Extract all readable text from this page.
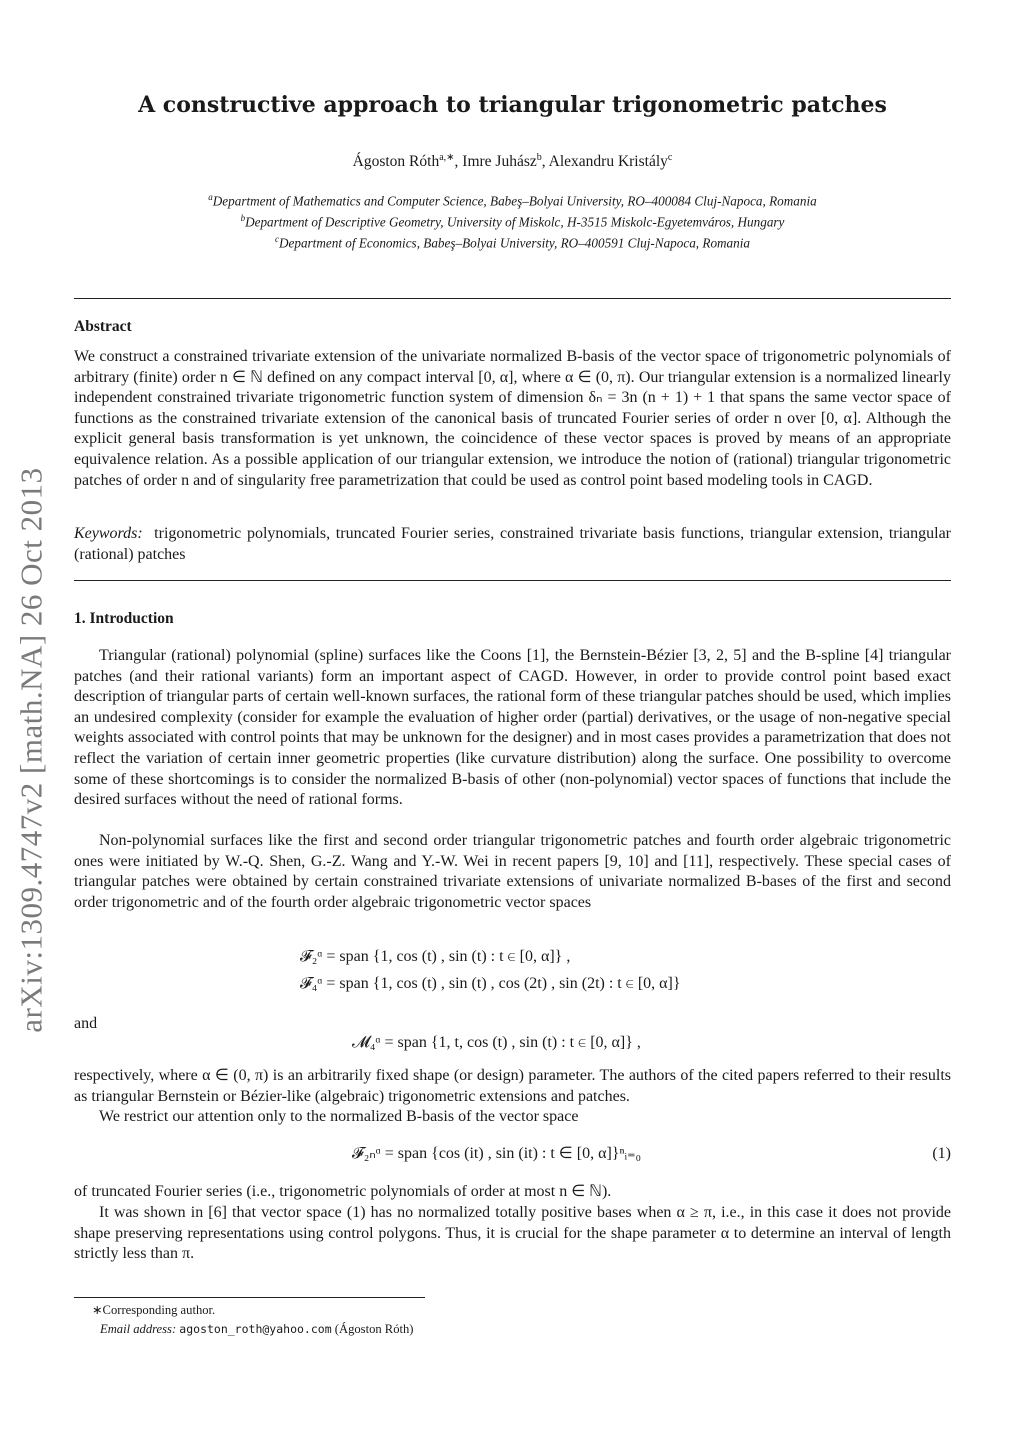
arXiv:1309.4747v2 [math.NA] 26 Oct 2013
A constructive approach to triangular trigonometric patches
Ágoston Róth$^{a,∗}$, Imre Juhász$^b$, Alexandru Kristály$^c$
$^a$Department of Mathematics and Computer Science, Babeş–Bolyai University, RO–400084 Cluj-Napoca, Romania
$^b$Department of Descriptive Geometry, University of Miskolc, H-3515 Miskolc-Egyetemváros, Hungary
$^c$Department of Economics, Babeş–Bolyai University, RO–400591 Cluj-Napoca, Romania
Abstract
We construct a constrained trivariate extension of the univariate normalized B-basis of the vector space of trigonometric polynomials of arbitrary (finite) order n ∈ ℕ defined on any compact interval [0, α], where α ∈ (0, π). Our triangular extension is a normalized linearly independent constrained trivariate trigonometric function system of dimension δₙ = 3n (n + 1) + 1 that spans the same vector space of functions as the constrained trivariate extension of the canonical basis of truncated Fourier series of order n over [0, α]. Although the explicit general basis transformation is yet unknown, the coincidence of these vector spaces is proved by means of an appropriate equivalence relation. As a possible application of our triangular extension, we introduce the notion of (rational) triangular trigonometric patches of order n and of singularity free parametrization that could be used as control point based modeling tools in CAGD.
Keywords: trigonometric polynomials, truncated Fourier series, constrained trivariate basis functions, triangular extension, triangular (rational) patches
1. Introduction
Triangular (rational) polynomial (spline) surfaces like the Coons [1], the Bernstein-Bézier [3, 2, 5] and the B-spline [4] triangular patches (and their rational variants) form an important aspect of CAGD. However, in order to provide control point based exact description of triangular parts of certain well-known surfaces, the rational form of these triangular patches should be used, which implies an undesired complexity (consider for example the evaluation of higher order (partial) derivatives, or the usage of non-negative special weights associated with control points that may be unknown for the designer) and in most cases provides a parametrization that does not reflect the variation of certain inner geometric properties (like curvature distribution) along the surface. One possibility to overcome some of these shortcomings is to consider the normalized B-basis of other (non-polynomial) vector spaces of functions that include the desired surfaces without the need of rational forms.
Non-polynomial surfaces like the first and second order triangular trigonometric patches and fourth order algebraic trigonometric ones were initiated by W.-Q. Shen, G.-Z. Wang and Y.-W. Wei in recent papers [9, 10] and [11], respectively. These special cases of triangular patches were obtained by certain constrained trivariate extensions of univariate normalized B-bases of the first and second order trigonometric and of the fourth order algebraic trigonometric vector spaces
𝓕₂ᵅ = span {1, cos (t) , sin (t) : t ∈ [0, α]} ,
𝓕₄ᵅ = span {1, cos (t) , sin (t) , cos (2t) , sin (2t) : t ∈ [0, α]}
and
𝓜₄ᵅ = span {1, t, cos (t) , sin (t) : t ∈ [0, α]} ,
respectively, where α ∈ (0, π) is an arbitrarily fixed shape (or design) parameter. The authors of the cited papers referred to their results as triangular Bernstein or Bézier-like (algebraic) trigonometric extensions and patches.
We restrict our attention only to the normalized B-basis of the vector space
𝓕₂ₙᵅ = span {cos (it) , sin (it) : t ∈ [0, α]}ⁿᵢ₌₀	(1)
of truncated Fourier series (i.e., trigonometric polynomials of order at most n ∈ ℕ).
It was shown in [6] that vector space (1) has no normalized totally positive bases when α ≥ π, i.e., in this case it does not provide shape preserving representations using control polygons. Thus, it is crucial for the shape parameter α to determine an interval of length strictly less than π.
∗Corresponding author.
Email address: agoston_roth@yahoo.com (Ágoston Róth)
